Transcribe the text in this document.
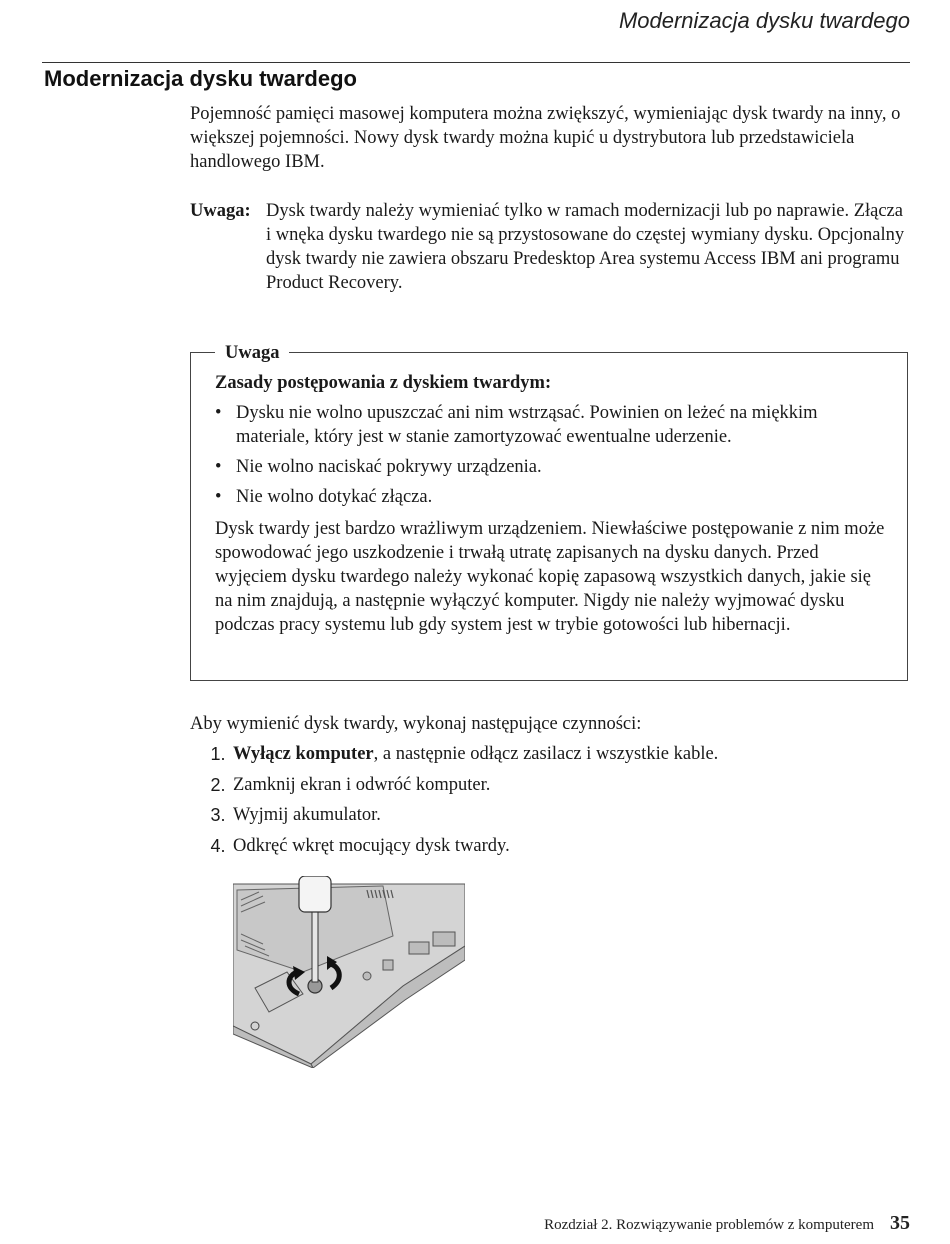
Modernizacja dysku twardego
Modernizacja dysku twardego

Pojemność pamięci masowej komputera można zwiększyć, wymieniając dysk twardy na inny, o większej pojemności. Nowy dysk twardy można kupić u dystrybutora lub przedstawiciela handlowego IBM.

Uwaga: Dysk twardy należy wymieniać tylko w ramach modernizacji lub po naprawie. Złącza i wnęka dysku twardego nie są przystosowane do częstej wymiany dysku. Opcjonalny dysk twardy nie zawiera obszaru Predesktop Area systemu Access IBM ani programu Product Recovery.
Uwaga

Zasady postępowania z dyskiem twardym:

• Dysku nie wolno upuszczać ani nim wstrząsać. Powinien on leżeć na miękkim materiale, który jest w stanie zamortyzować ewentualne uderzenie.
• Nie wolno naciskać pokrywy urządzenia.
• Nie wolno dotykać złącza.

Dysk twardy jest bardzo wrażliwym urządzeniem. Niewłaściwe postępowanie z nim może spowodować jego uszkodzenie i trwałą utratę zapisanych na dysku danych. Przed wyjęciem dysku twardego należy wykonać kopię zapasową wszystkich danych, jakie się na nim znajdują, a następnie wyłączyć komputer. Nigdy nie należy wyjmować dysku podczas pracy systemu lub gdy system jest w trybie gotowości lub hibernacji.

Aby wymienić dysk twardy, wykonaj następujące czynności:

1. Wyłącz komputer, a następnie odłącz zasilacz i wszystkie kable.
2. Zamknij ekran i odwróć komputer.
3. Wyjmij akumulator.
4. Odkręć wkręt mocujący dysk twardy.
Rozdział 2. Rozwiązywanie problemów z komputerem 35
